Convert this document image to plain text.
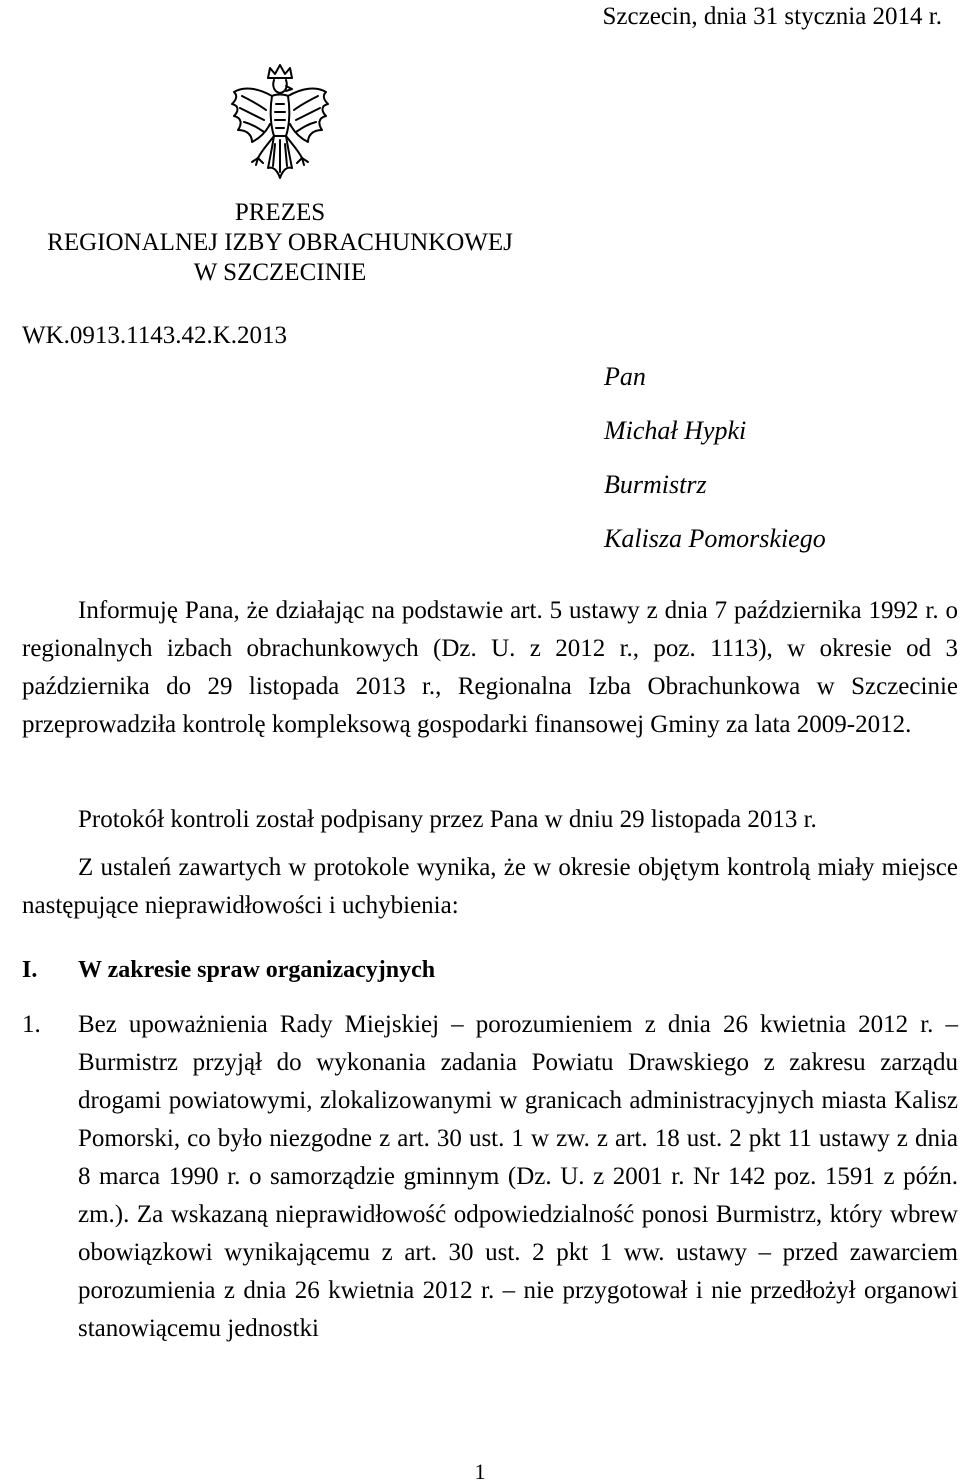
Szczecin, dnia 31 stycznia 2014 r.
PREZES
REGIONALNEJ IZBY OBRACHUNKOWEJ
W SZCZECINIE
WK.0913.1143.42.K.2013
Pan
Michał Hypki
Burmistrz
Kalisza Pomorskiego
Informuję Pana, że działając na podstawie art. 5 ustawy z dnia 7 października 1992 r. o regionalnych izbach obrachunkowych (Dz. U. z 2012 r., poz. 1113), w okresie od 3 października do 29 listopada 2013 r., Regionalna Izba Obrachunkowa w Szczecinie przeprowadziła kontrolę kompleksową gospodarki finansowej Gminy za lata 2009-2012.
Protokół kontroli został podpisany przez Pana w dniu 29 listopada 2013 r.
Z ustaleń zawartych w protokole wynika, że w okresie objętym kontrolą miały miejsce następujące nieprawidłowości i uchybienia:
I. W zakresie spraw organizacyjnych
1. Bez upoważnienia Rady Miejskiej – porozumieniem z dnia 26 kwietnia 2012 r. – Burmistrz przyjął do wykonania zadania Powiatu Drawskiego z zakresu zarządu drogami powiatowymi, zlokalizowanymi w granicach administracyjnych miasta Kalisz Pomorski, co było niezgodne z art. 30 ust. 1 w zw. z art. 18 ust. 2 pkt 11 ustawy z dnia 8 marca 1990 r. o samorządzie gminnym (Dz. U. z 2001 r. Nr 142 poz. 1591 z późn. zm.). Za wskazaną nieprawidłowość odpowiedzialność ponosi Burmistrz, który wbrew obowiązkowi wynikającemu z art. 30 ust. 2 pkt 1 ww. ustawy – przed zawarciem porozumienia z dnia 26 kwietnia 2012 r. – nie przygotował i nie przedłożył organowi stanowiącemu jednostki
1
